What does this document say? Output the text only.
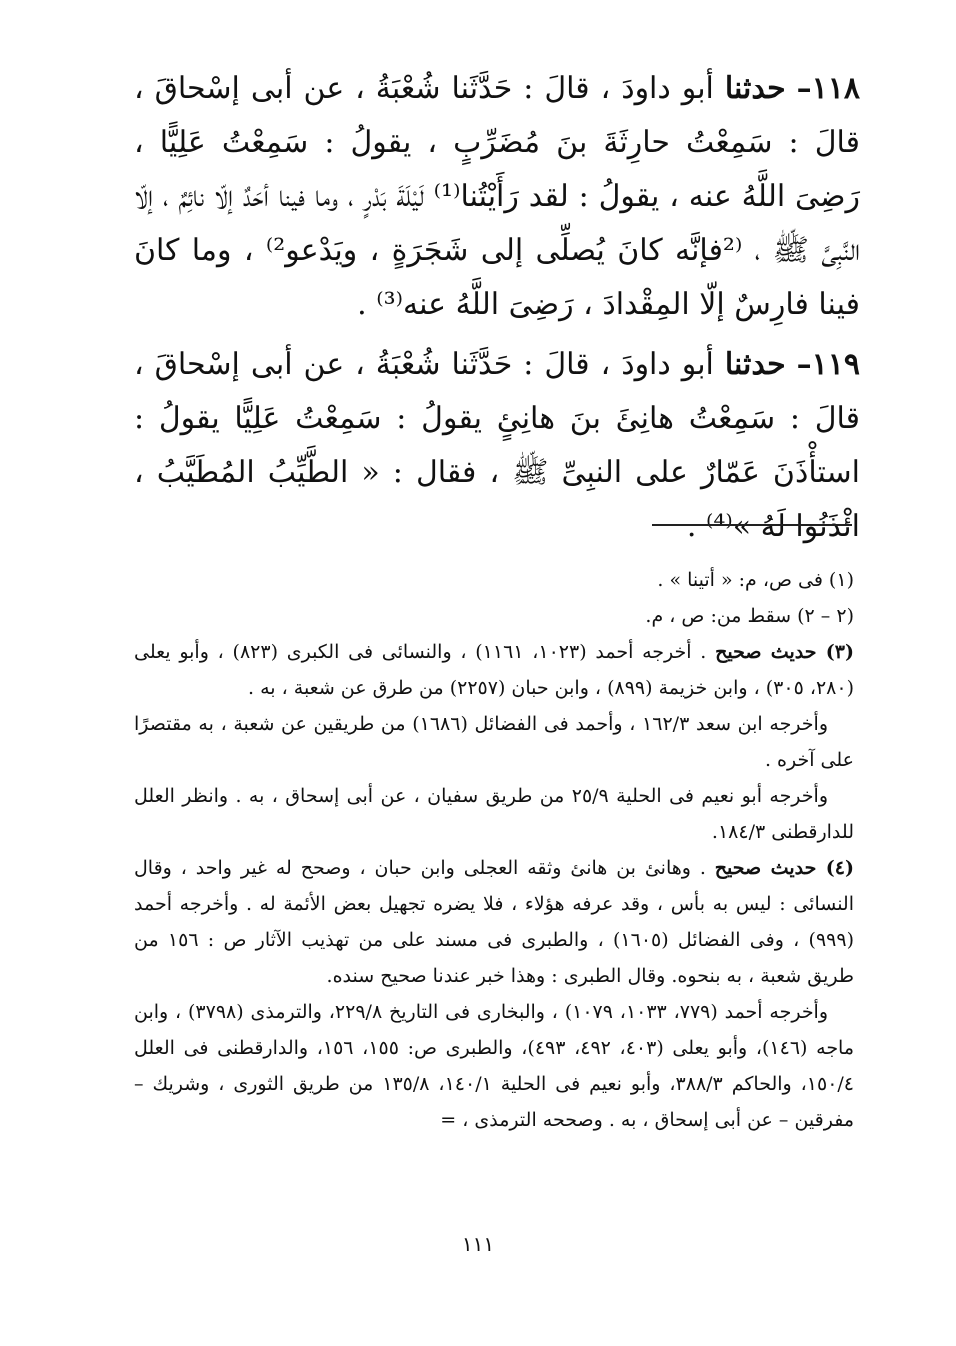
١١٨– حدثنا أبو داودَ ، قالَ : حَدَّثَنا شُعْبَةُ ، عن أبى إسْحاقَ ، قالَ : سَمِعْتُ حارِثَةَ بنَ مُضَرِّبٍ ، يقولُ : سَمِعْتُ عَلِيًّا ، رَضِىَ اللَّهُ عنه ، يقولُ : لقد رَأَيْتُنا⁽¹⁾ لَيْلَةَ بَدْرٍ ، وما فينا أحَدٌ إلّا نائِمٌ ، إلّا النَّبِىَّ ﷺ ، ⁽²فإنَّه كانَ يُصلِّى إلى شَجَرَةٍ ، ويَدْعو²⁾ ، وما كانَ فينا فارِسٌ إلّا المِقْدادَ ، رَضِىَ اللَّهُ عنه⁽³⁾ .

١١٩– حدثنا أبو داودَ ، قالَ : حَدَّثَنا شُعْبَةُ ، عن أبى إسْحاقَ ، قالَ : سَمِعْتُ هانِئَ بنَ هانِئٍ يقولُ : سَمِعْتُ عَلِيًّا يقولُ : استأْذَنَ عَمّارٌ على النبِىِّ ﷺ ، فقال : « الطَّيِّبُ المُطَيَّبُ ، ائْذَنُوا لَهُ »⁽⁴⁾ .

(١) فى ص، م: « أتينا » .

(٢ – ٢) سقط من: ص ، م.

(٣) حديث صحيح . أخرجه أحمد (١٠٢٣، ١١٦١) ، والنسائى فى الكبرى (٨٢٣) ، وأبو يعلى (٢٨٠، ٣٠٥) ، وابن خزيمة (٨٩٩) ، وابن حبان (٢٢٥٧) من طرق عن شعبة ، به .

وأخرجه ابن سعد ١٦٢/٣ ، وأحمد فى الفضائل (١٦٨٦) من طريقين عن شعبة ، به مقتصرًا على آخره .

وأخرجه أبو نعيم فى الحلية ٢٥/٩ من طريق سفيان ، عن أبى إسحاق ، به . وانظر العلل للدارقطنى ١٨٤/٣.

(٤) حديث صحيح . وهانئ بن هانئ وثقه العجلى وابن حبان ، وصحح له غير واحد ، وقال النسائى : ليس به بأس ، وقد عرفه هؤلاء ، فلا يضره تجهيل بعض الأئمة له . وأخرجه أحمد (٩٩٩) ، وفى الفضائل (١٦٠٥) ، والطبرى فى مسند على من تهذيب الآثار ص : ١٥٦ من طريق شعبة ، به بنحوه. وقال الطبرى : وهذا خبر عندنا صحيح سنده.

وأخرجه أحمد (٧٧٩، ١٠٣٣، ١٠٧٩) ، والبخارى فى التاريخ ٢٢٩/٨، والترمذى (٣٧٩٨) ، وابن ماجه (١٤٦)، وأبو يعلى (٤٠٣، ٤٩٢، ٤٩٣)، والطبرى ص: ١٥٥، ١٥٦، والدارقطنى فى العلل ١٥٠/٤، والحاكم ٣٨٨/٣، وأبو نعيم فى الحلية ١٤٠/١، ١٣٥/٨ من طريق الثورى ، وشريك – مفرقين – عن أبى إسحاق ، به . وصححه الترمذى ، =

١١١
